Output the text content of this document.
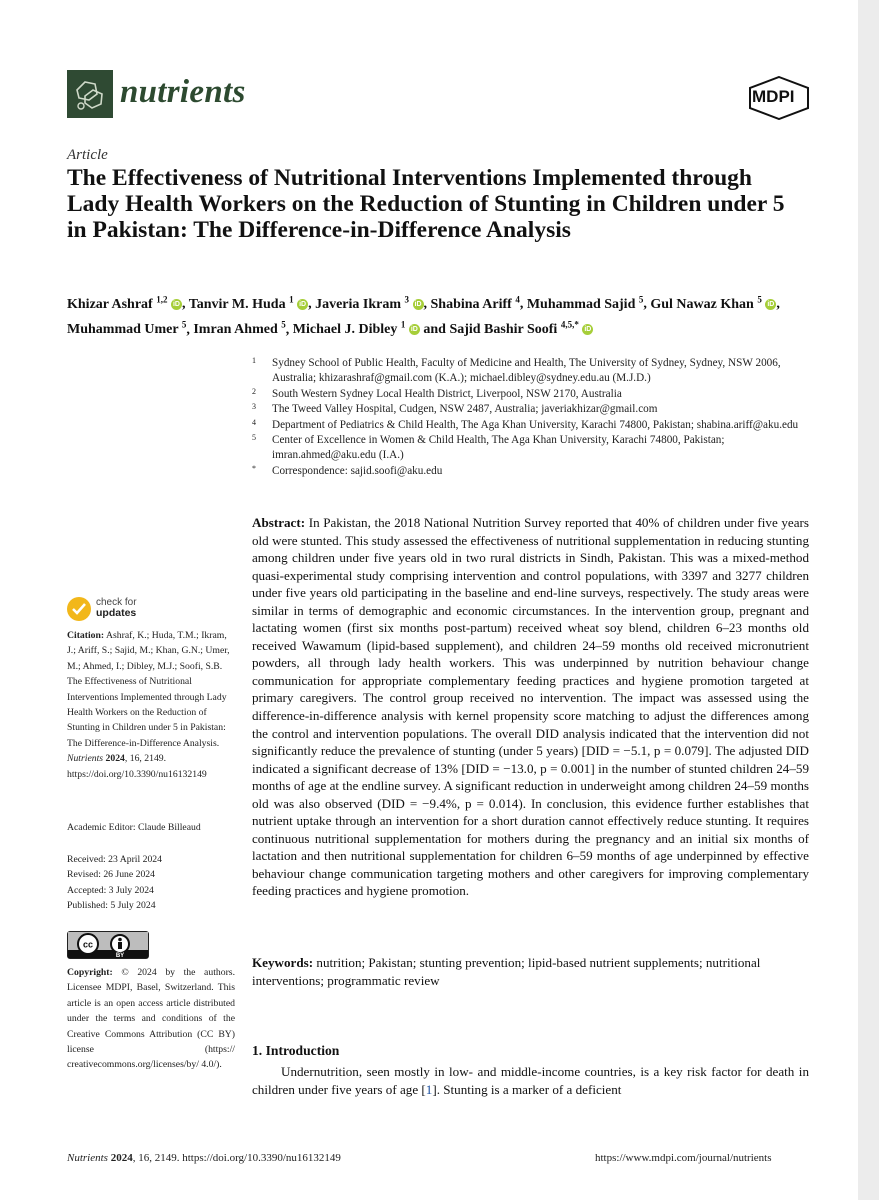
nutrients	MDPI
Article
The Effectiveness of Nutritional Interventions Implemented through Lady Health Workers on the Reduction of Stunting in Children under 5 in Pakistan: The Difference-in-Difference Analysis
Khizar Ashraf $^{1,2}$ iD , Tanvir M. Huda $^1$ iD , Javeria Ikram $^3$ iD , Shabina Ariff $^4$, Muhammad Sajid $^5$, Gul Nawaz Khan $^5$ iD , Muhammad Umer $^5$, Imran Ahmed $^5$, Michael J. Dibley $^1$ iD and Sajid Bashir Soofi $^{4,5,*}$ iD
1 Sydney School of Public Health, Faculty of Medicine and Health, The University of Sydney, Sydney, NSW 2006, Australia; khizarashraf@gmail.com (K.A.); michael.dibley@sydney.edu.au (M.J.D.)
2 South Western Sydney Local Health District, Liverpool, NSW 2170, Australia
3 The Tweed Valley Hospital, Cudgen, NSW 2487, Australia; javeriakhizar@gmail.com
4 Department of Pediatrics & Child Health, The Aga Khan University, Karachi 74800, Pakistan; shabina.ariff@aku.edu
5 Center of Excellence in Women & Child Health, The Aga Khan University, Karachi 74800, Pakistan; imran.ahmed@aku.edu (I.A.)
* Correspondence: sajid.soofi@aku.edu
Abstract: In Pakistan, the 2018 National Nutrition Survey reported that 40% of children under five years old were stunted. This study assessed the effectiveness of nutritional supplementation in reducing stunting among children under five years old in two rural districts in Sindh, Pakistan. This was a mixed-method quasi-experimental study comprising intervention and control populations, with 3397 and 3277 children under five years old participating in the baseline and end-line surveys, respectively. The study areas were similar in terms of demographic and economic circumstances. In the intervention group, pregnant and lactating women (first six months post-partum) received wheat soy blend, children 6–23 months old received Wawamum (lipid-based supplement), and children 24–59 months old received micronutrient powders, all through lady health workers. This was underpinned by nutrition behaviour change communication for appropriate complementary feeding practices and hygiene promotion targeted at primary caregivers. The control group received no intervention. The impact was assessed using the difference-in-difference analysis with kernel propensity score matching to adjust the differences among the control and intervention populations. The overall DID analysis indicated that the intervention did not significantly reduce the prevalence of stunting (under 5 years) [DID = −5.1, p = 0.079]. The adjusted DID indicated a significant decrease of 13% [DID = −13.0, p = 0.001] in the number of stunted children 24–59 months of age at the endline survey. A significant reduction in underweight among children 24–59 months old was also observed (DID = −9.4%, p = 0.014). In conclusion, this evidence further establishes that nutrient uptake through an intervention for a short duration cannot effectively reduce stunting. It requires continuous nutritional supplementation for mothers during the pregnancy and an initial six months of lactation and then nutritional supplementation for children 6–59 months of age underpinned by effective behaviour change communication targeting mothers and other caregivers for improving complementary feeding practices and hygiene promotion.
Keywords: nutrition; Pakistan; stunting prevention; lipid-based nutrient supplements; nutritional interventions; programmatic review
check for
updates
Citation: Ashraf, K.; Huda, T.M.; Ikram, J.; Ariff, S.; Sajid, M.; Khan, G.N.; Umer, M.; Ahmed, I.; Dibley, M.J.; Soofi, S.B. The Effectiveness of Nutritional Interventions Implemented through Lady Health Workers on the Reduction of Stunting in Children under 5 in Pakistan: The Difference-in-Difference Analysis. Nutrients 2024, 16, 2149. https://doi.org/10.3390/nu16132149
Academic Editor: Claude Billeaud
Received: 23 April 2024
Revised: 26 June 2024
Accepted: 3 July 2024
Published: 5 July 2024
cc
BY
Copyright: © 2024 by the authors. Licensee MDPI, Basel, Switzerland. This article is an open access article distributed under the terms and conditions of the Creative Commons Attribution (CC BY) license (https:// creativecommons.org/licenses/by/ 4.0/).
1. Introduction
Undernutrition, seen mostly in low- and middle-income countries, is a key risk factor for death in children under five years of age [1]. Stunting is a marker of a deficient
Nutrients 2024, 16, 2149. https://doi.org/10.3390/nu16132149	https://www.mdpi.com/journal/nutrients
